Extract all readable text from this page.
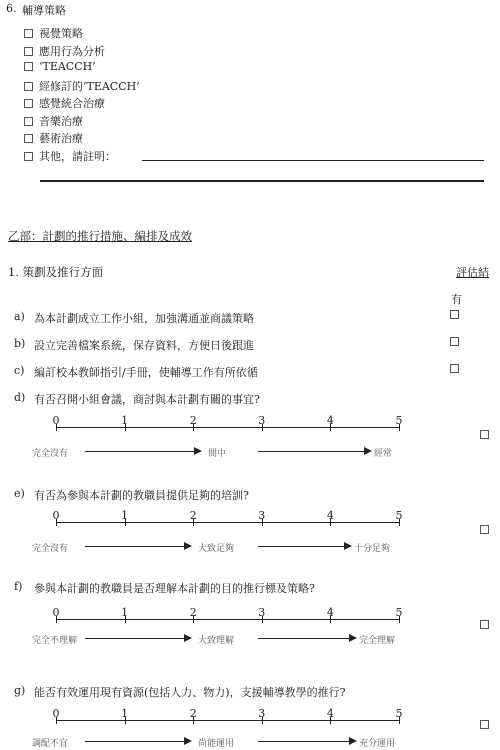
6. 輔導策略
視覺策略
應用行為分析
‘TEACCH’
經修訂的‘TEACCH’
感覺統合治療
音樂治療
藝術治療
其他，請註明：
乙部：計劃的推行措施、編排及成效
1. 策劃及推行方面	評估結
有
a) 為本計劃成立工作小組，加強溝通並商議策略
b) 設立完善檔案系統，保存資料，方便日後跟進
c) 編訂校本教師指引/手冊，使輔導工作有所依循
d) 有否召開小組會議，商討與本計劃有關的事宜?
0	1	2	3	4	5
完全沒有	間中	經常
e) 有否為參與本計劃的教職員提供足夠的培訓?
0	1	2	3	4	5
完全沒有	大致足夠	十分足夠
f)	參與本計劃的教職員是否理解本計劃的目的推行標及策略?
0	1	2	3	4	5
完全不理解	大致理解	完全理解
g) 能否有效運用現有資源(包括人力、物力)，支援輔導教學的推行?
0	1	2	3	4	5
調配不宜	尚能運用	充分運用
